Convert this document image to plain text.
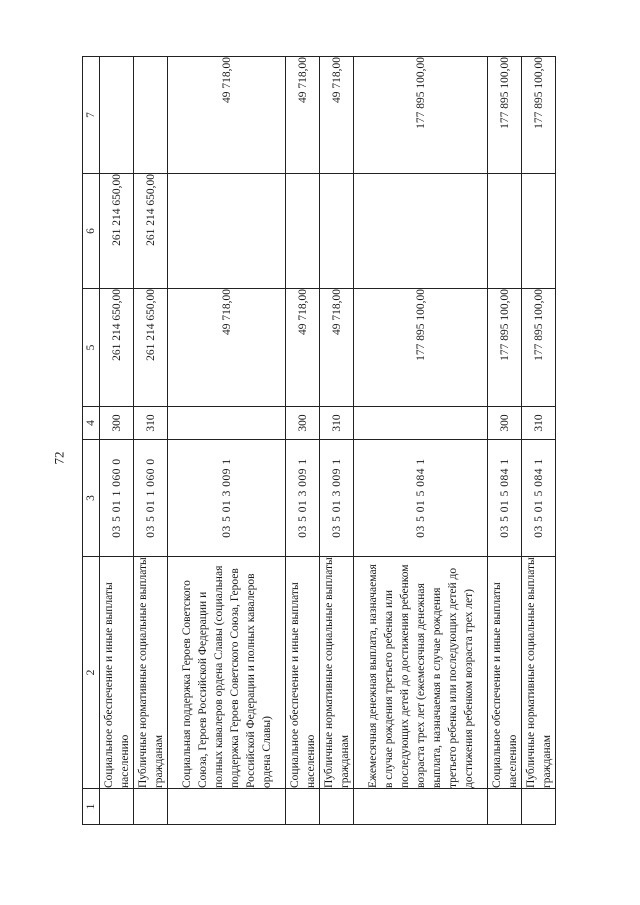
72
1	2	3	4	5	6	7
	Социальное обеспечение и иные выплаты населению	03 5 01 1 060 0	300	261 214 650,00	261 214 650,00	
	Публичные нормативные социальные выплаты гражданам	03 5 01 1 060 0	310	261 214 650,00	261 214 650,00	
	Социальная поддержка Героев Советского Союза, Героев Российской Федерации и полных кавалеров ордена Славы (социальная поддержка Героев Советского Союза, Героев Российской Федерации и полных кавалеров ордена Славы)	03 5 01 3 009 1		49 718,00		49 718,00
	Социальное обеспечение и иные выплаты населению	03 5 01 3 009 1	300	49 718,00		49 718,00
	Публичные нормативные социальные выплаты гражданам	03 5 01 3 009 1	310	49 718,00		49 718,00
	Ежемесячная денежная выплата, назначаемая в случае рождения третьего ребенка или последующих детей до достижения ребенком возраста трех лет (ежемесячная денежная выплата, назначаемая в случае рождения третьего ребенка или последующих детей до достижения ребенком возраста трех лет)	03 5 01 5 084 1		177 895 100,00		177 895 100,00
	Социальное обеспечение и иные выплаты населению	03 5 01 5 084 1	300	177 895 100,00		177 895 100,00
	Публичные нормативные социальные выплаты гражданам	03 5 01 5 084 1	310	177 895 100,00		177 895 100,00
